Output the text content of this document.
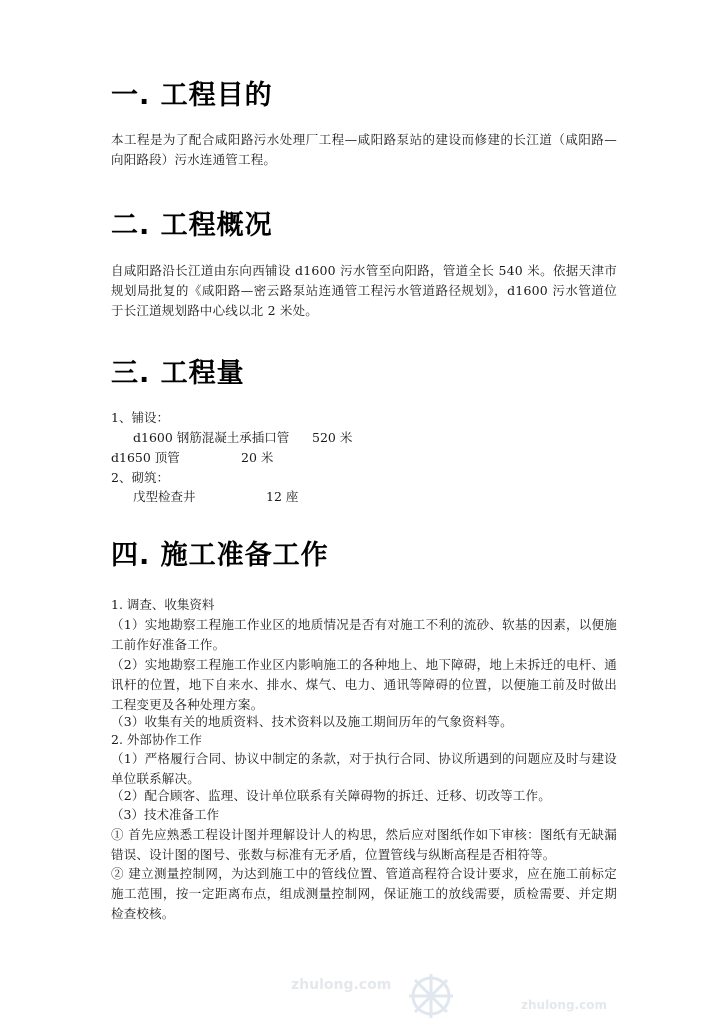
一. 工程目的
本工程是为了配合咸阳路污水处理厂工程—咸阳路泵站的建设而修建的长江道（咸阳路—向阳路段）污水连通管工程。
二. 工程概况
自咸阳路沿长江道由东向西铺设 d1600 污水管至向阳路，管道全长 540 米。依据天津市规划局批复的《咸阳路—密云路泵站连通管工程污水管道路径规划》，d1600 污水管道位于长江道规划路中心线以北 2 米处。
三. 工程量
1、铺设：
d1600 钢筋混凝土承插口管 520 米
d1650 顶管	20 米
2、砌筑：
戊型检查井	12 座
四. 施工准备工作
1. 调查、收集资料
（1）实地勘察工程施工作业区的地质情况是否有对施工不利的流砂、软基的因素，以便施工前作好准备工作。
（2）实地勘察工程施工作业区内影响施工的各种地上、地下障碍，地上未拆迁的电杆、通讯杆的位置，地下自来水、排水、煤气、电力、通讯等障碍的位置，以便施工前及时做出工程变更及各种处理方案。
（3）收集有关的地质资料、技术资料以及施工期间历年的气象资料等。
2. 外部协作工作
（1）严格履行合同、协议中制定的条款，对于执行合同、协议所遇到的问题应及时与建设单位联系解决。
（2）配合顾客、监理、设计单位联系有关障碍物的拆迁、迁移、切改等工作。
（3）技术准备工作
① 首先应熟悉工程设计图并理解设计人的构思，然后应对图纸作如下审核：图纸有无缺漏错误、设计图的图号、张数与标准有无矛盾，位置管线与纵断高程是否相符等。
② 建立测量控制网，为达到施工中的管线位置、管道高程符合设计要求，应在施工前标定施工范围，按一定距离布点，组成测量控制网，保证施工的放线需要，质检需要、并定期检查校核。
zhulong.com
zhulong.com
